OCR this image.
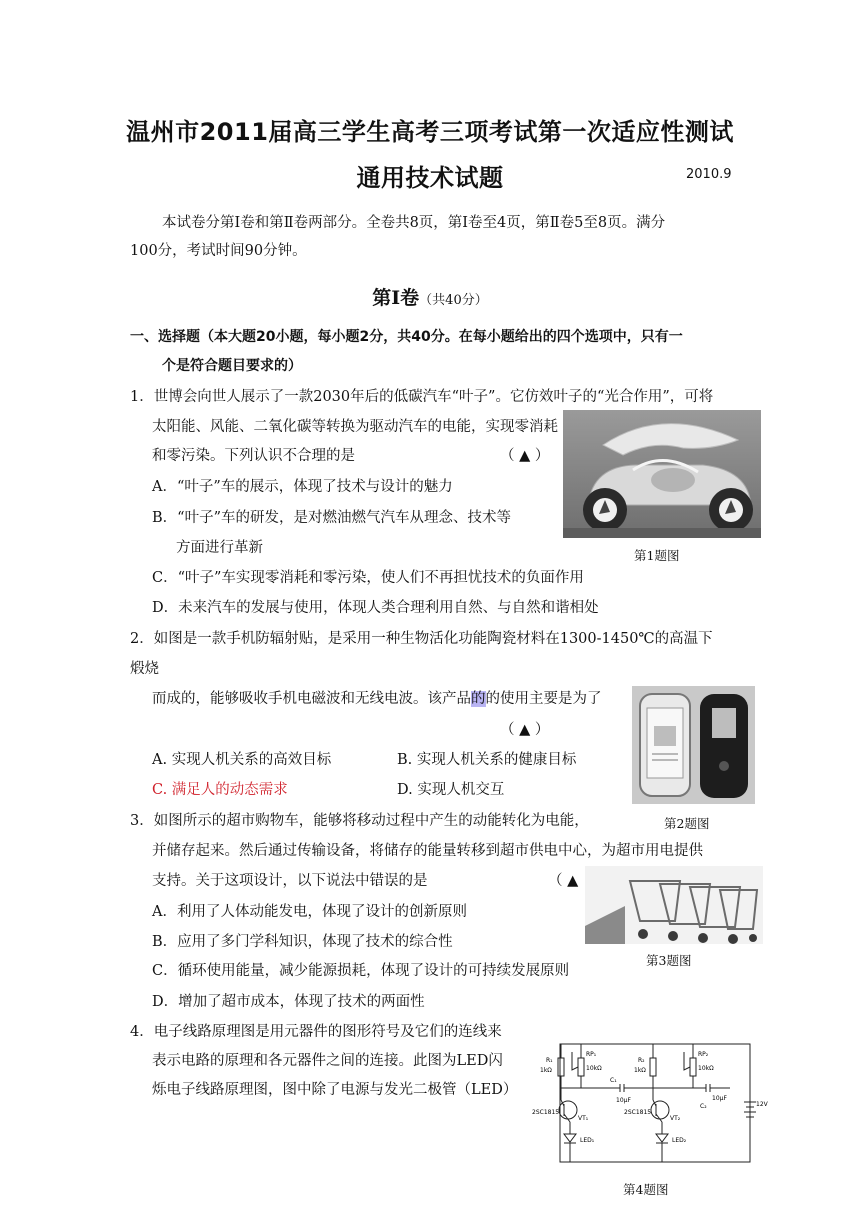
温州市2011届高三学生高考三项考试第一次适应性测试
通用技术试题	2010.9
本试卷分第Ⅰ卷和第Ⅱ卷两部分。全卷共8页，第Ⅰ卷至4页，第Ⅱ卷5至8页。满分
100分，考试时间90分钟。
第Ⅰ卷（共40分）
一、选择题（本大题20小题，每小题2分，共40分。在每小题给出的四个选项中，只有一
个是符合题目要求的）
1．世博会向世人展示了一款2030年后的低碳汽车“叶子”。它仿效叶子的“光合作用”，可将
太阳能、风能、二氧化碳等转换为驱动汽车的电能，实现零消耗
和零污染。下列认识不合理的是	（ ▲ ）
A．“叶子”车的展示，体现了技术与设计的魅力
B．“叶子”车的研发，是对燃油燃气汽车从理念、技术等
方面进行革新
C．“叶子”车实现零消耗和零污染，使人们不再担忧技术的负面作用
D．未来汽车的发展与使用，体现人类合理利用自然、与自然和谐相处
第1题图
2．如图是一款手机防辐射贴，是采用一种生物活化功能陶瓷材料在1300-1450℃的高温下
煅烧
而成的，能够吸收手机电磁波和无线电波。该产品的的使用主要是为了
（ ▲ ）
A. 实现人机关系的高效目标	B. 实现人机关系的健康目标
C. 满足人的动态需求	D. 实现人机交互
第2题图
3．如图所示的超市购物车，能够将移动过程中产生的动能转化为电能，
并储存起来。然后通过传输设备，将储存的能量转移到超市供电中心，为超市用电提供
支持。关于这项设计，以下说法中错误的是	（ ▲
A．利用了人体动能发电，体现了设计的创新原则
B．应用了多门学科知识，体现了技术的综合性
C．循环使用能量，减少能源损耗，体现了设计的可持续发展原则
D．增加了超市成本，体现了技术的两面性
第3题图
4．电子线路原理图是用元器件的图形符号及它们的连线来
表示电路的原理和各元器件之间的连接。此图为LED闪
烁电子线路原理图，图中除了电源与发光二极管（LED）
R₁
1kΩ
RP₁
10kΩ
R₂
1kΩ
RP₂
10kΩ
C₁
10μF
C₂
10μF
2SC1815
VT₁
2SC1815
VT₂
LED₁	LED₂
12V
第4题图
